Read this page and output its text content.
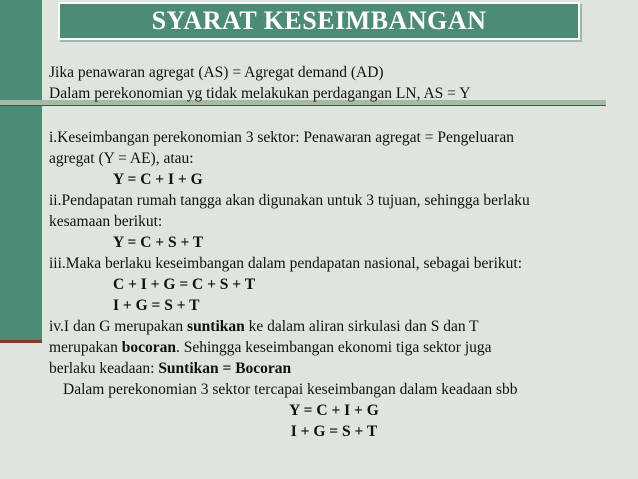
SYARAT KESEIMBANGAN
Jika penawaran agregat (AS) = Agregat demand (AD)
Dalam perekonomian yg tidak melakukan perdagangan LN, AS = Y
i.Keseimbangan perekonomian 3 sektor: Penawaran agregat = Pengeluaran
agregat (Y = AE), atau:
Y = C + I + G
ii.Pendapatan rumah tangga akan digunakan untuk 3 tujuan, sehingga berlaku
kesamaan berikut:
Y = C + S + T
iii.Maka berlaku keseimbangan dalam pendapatan nasional, sebagai berikut:
C + I + G = C + S + T
I + G = S + T
iv.I dan G merupakan suntikan ke dalam aliran sirkulasi dan S dan T
merupakan bocoran. Sehingga keseimbangan ekonomi tiga sektor juga
berlaku keadaan: Suntikan = Bocoran
Dalam perekonomian 3 sektor tercapai keseimbangan dalam keadaan sbb
Y = C + I + G
I + G = S + T
